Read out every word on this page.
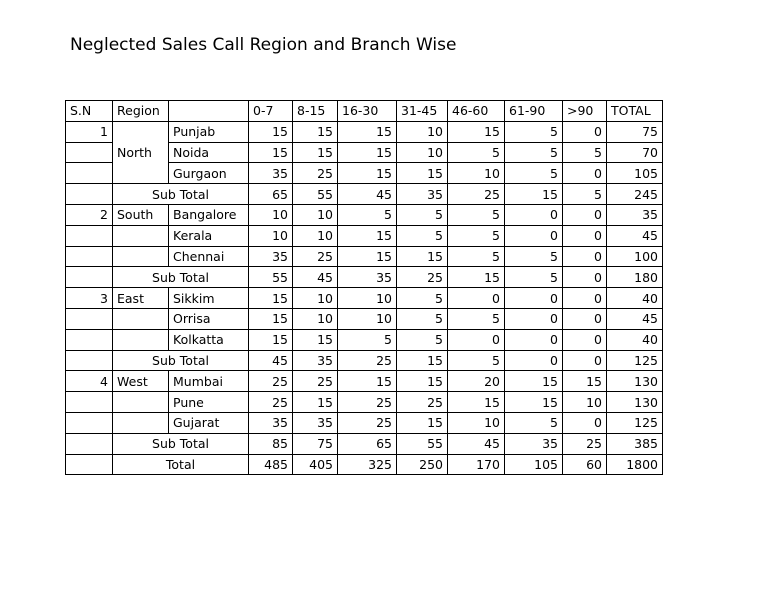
Neglected Sales Call Region and Branch Wise
S.N	Region		0-7	8-15	16-30	31-45	46-60	61-90	>90	TOTAL
1	North	Punjab	15	15	15	10	15	5	0	75
		Noida	15	15	15	10	5	5	5	70
		Gurgaon	35	25	15	15	10	5	0	105
	Sub Total		65	55	45	35	25	15	5	245
2	South	Bangalore	10	10	5	5	5	0	0	35
		Kerala	10	10	15	5	5	0	0	45
		Chennai	35	25	15	15	5	5	0	100
	Sub Total		55	45	35	25	15	5	0	180
3	East	Sikkim	15	10	10	5	0	0	0	40
		Orrisa	15	10	10	5	5	0	0	45
		Kolkatta	15	15	5	5	0	0	0	40
	Sub Total		45	35	25	15	5	0	0	125
4	West	Mumbai	25	25	15	15	20	15	15	130
		Pune	25	15	25	25	15	15	10	130
		Gujarat	35	35	25	15	10	5	0	125
	Sub Total		85	75	65	55	45	35	25	385
	Total		485	405	325	250	170	105	60	1800
